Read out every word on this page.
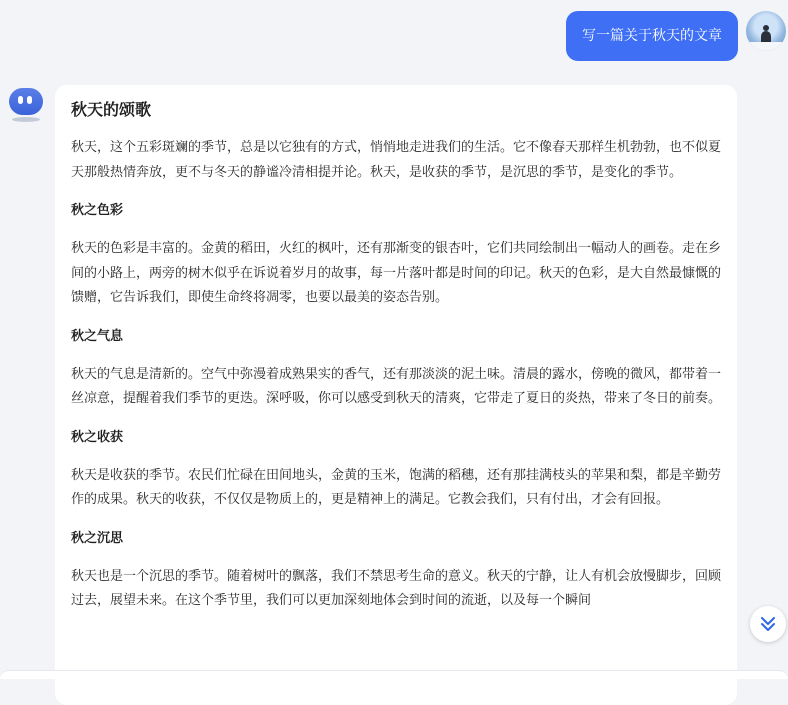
写一篇关于秋天的文章
秋天的颂歌

秋天，这个五彩斑斓的季节，总是以它独有的方式，悄悄地走进我们的生活。它不像春天那样生机勃勃，也不似夏天那般热情奔放，更不与冬天的静谧冷清相提并论。秋天，是收获的季节，是沉思的季节，是变化的季节。

秋之色彩

秋天的色彩是丰富的。金黄的稻田，火红的枫叶，还有那渐变的银杏叶，它们共同绘制出一幅动人的画卷。走在乡间的小路上，两旁的树木似乎在诉说着岁月的故事，每一片落叶都是时间的印记。秋天的色彩，是大自然最慷慨的馈赠，它告诉我们，即使生命终将凋零，也要以最美的姿态告别。

秋之气息

秋天的气息是清新的。空气中弥漫着成熟果实的香气，还有那淡淡的泥土味。清晨的露水，傍晚的微风，都带着一丝凉意，提醒着我们季节的更迭。深呼吸，你可以感受到秋天的清爽，它带走了夏日的炎热，带来了冬日的前奏。

秋之收获

秋天是收获的季节。农民们忙碌在田间地头，金黄的玉米，饱满的稻穗，还有那挂满枝头的苹果和梨，都是辛勤劳作的成果。秋天的收获，不仅仅是物质上的，更是精神上的满足。它教会我们，只有付出，才会有回报。

秋之沉思

秋天也是一个沉思的季节。随着树叶的飘落，我们不禁思考生命的意义。秋天的宁静，让人有机会放慢脚步，回顾过去，展望未来。在这个季节里，我们可以更加深刻地体会到时间的流逝，以及每一个瞬间
